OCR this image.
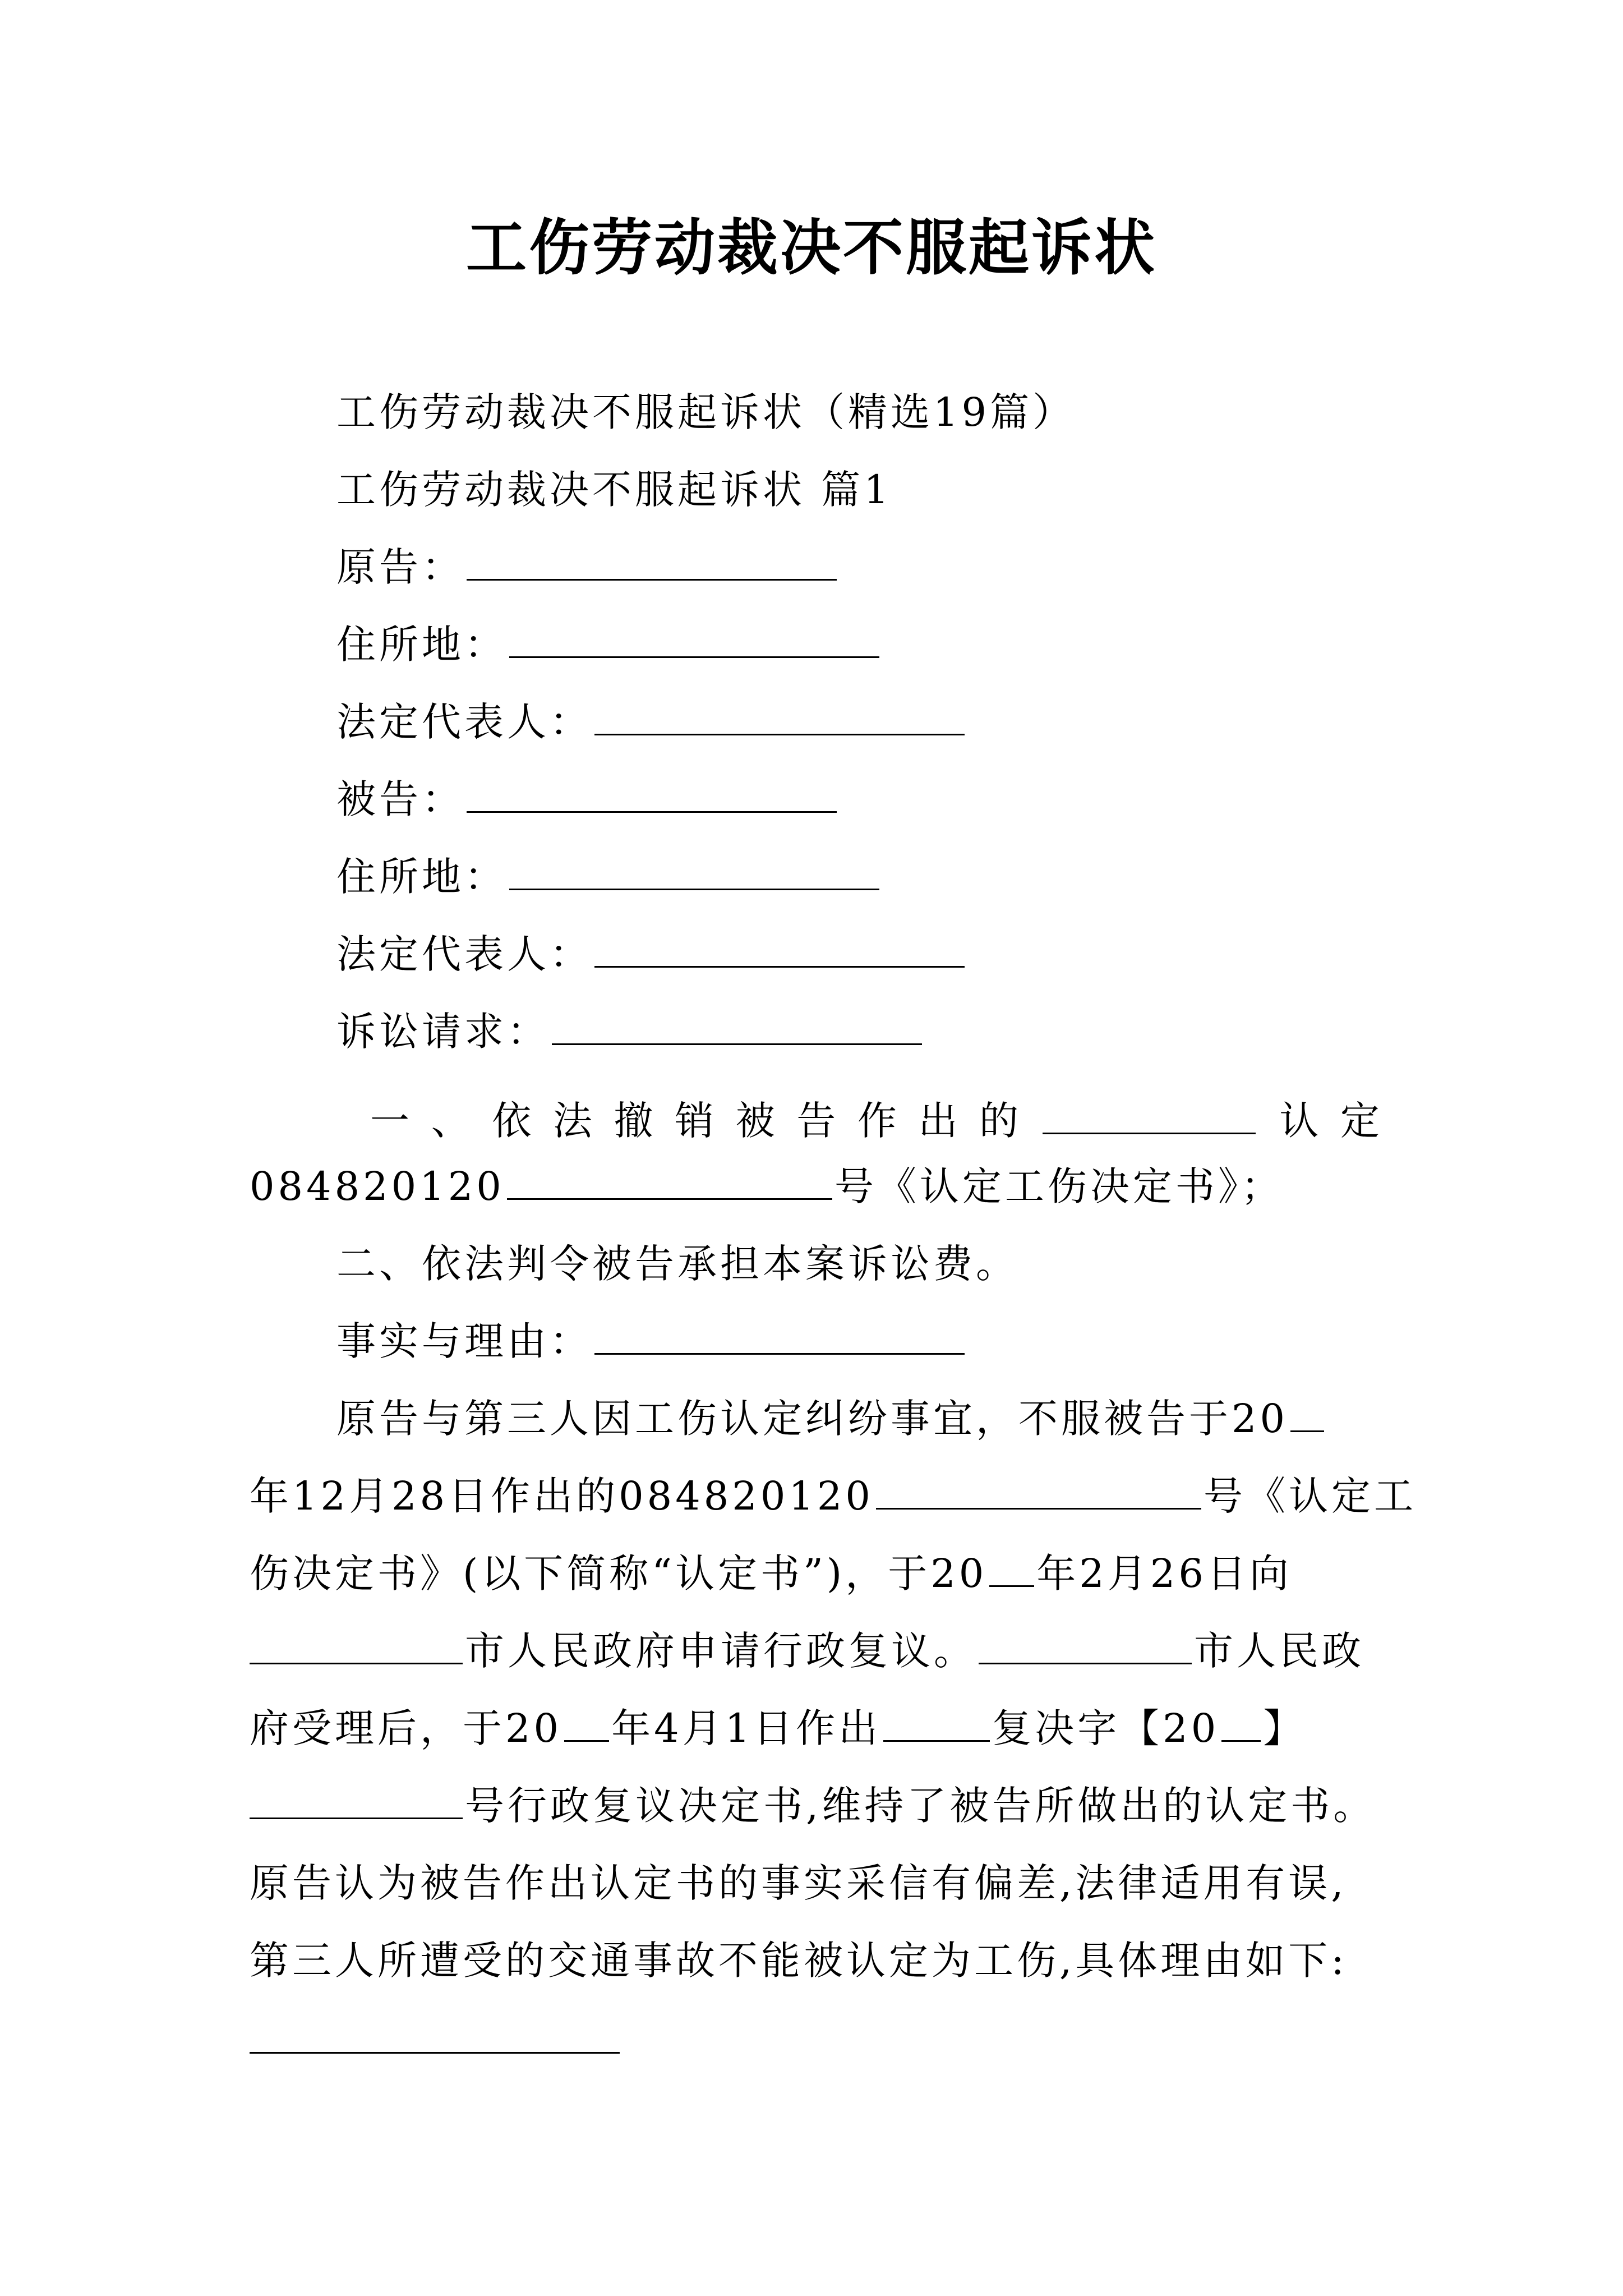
工伤劳动裁决不服起诉状
工伤劳动裁决不服起诉状（精选19篇）
工伤劳动裁决不服起诉状 篇1
原告：
住所地：
法定代表人：
被告：
住所地：
法定代表人：
诉讼请求：
一 、 依 法 撤 销 被 告 作 出 的	认 定
084820120	号《认定工伤决定书》；
二、依法判令被告承担本案诉讼费。
事实与理由：
原告与第三人因工伤认定纠纷事宜，不服被告于20
年12月28日作出的084820120	号《认定工
伤决定书》(以下简称“认定书”)，于20 年2月26日向
市人民政府申请行政复议。	市人民政
府受理后，于20 年4月1日作出	复决字【20 】
号行政复议决定书,维持了被告所做出的认定书。
原告认为被告作出认定书的事实采信有偏差,法律适用有误,
第三人所遭受的交通事故不能被认定为工伤,具体理由如下:
